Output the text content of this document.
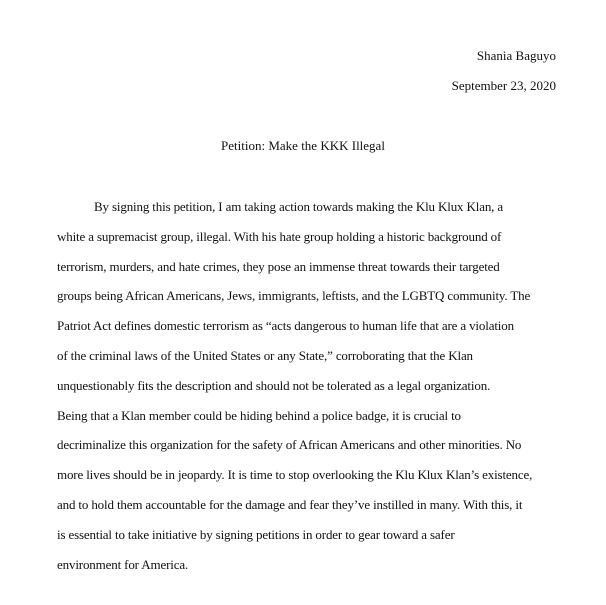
Shania Baguyo
September 23, 2020
Petition: Make the KKK Illegal
By signing this petition, I am taking action towards making the Klu Klux Klan, a
white a supremacist group, illegal. With his hate group holding a historic background of
terrorism, murders, and hate crimes, they pose an immense threat towards their targeted
groups being African Americans, Jews, immigrants, leftists, and the LGBTQ community. The
Patriot Act defines domestic terrorism as “acts dangerous to human life that are a violation
of the criminal laws of the United States or any State,” corroborating that the Klan
unquestionably fits the description and should not be tolerated as a legal organization.
Being that a Klan member could be hiding behind a police badge, it is crucial to
decriminalize this organization for the safety of African Americans and other minorities. No
more lives should be in jeopardy. It is time to stop overlooking the Klu Klux Klan’s existence,
and to hold them accountable for the damage and fear they’ve instilled in many. With this, it
is essential to take initiative by signing petitions in order to gear toward a safer
environment for America.
